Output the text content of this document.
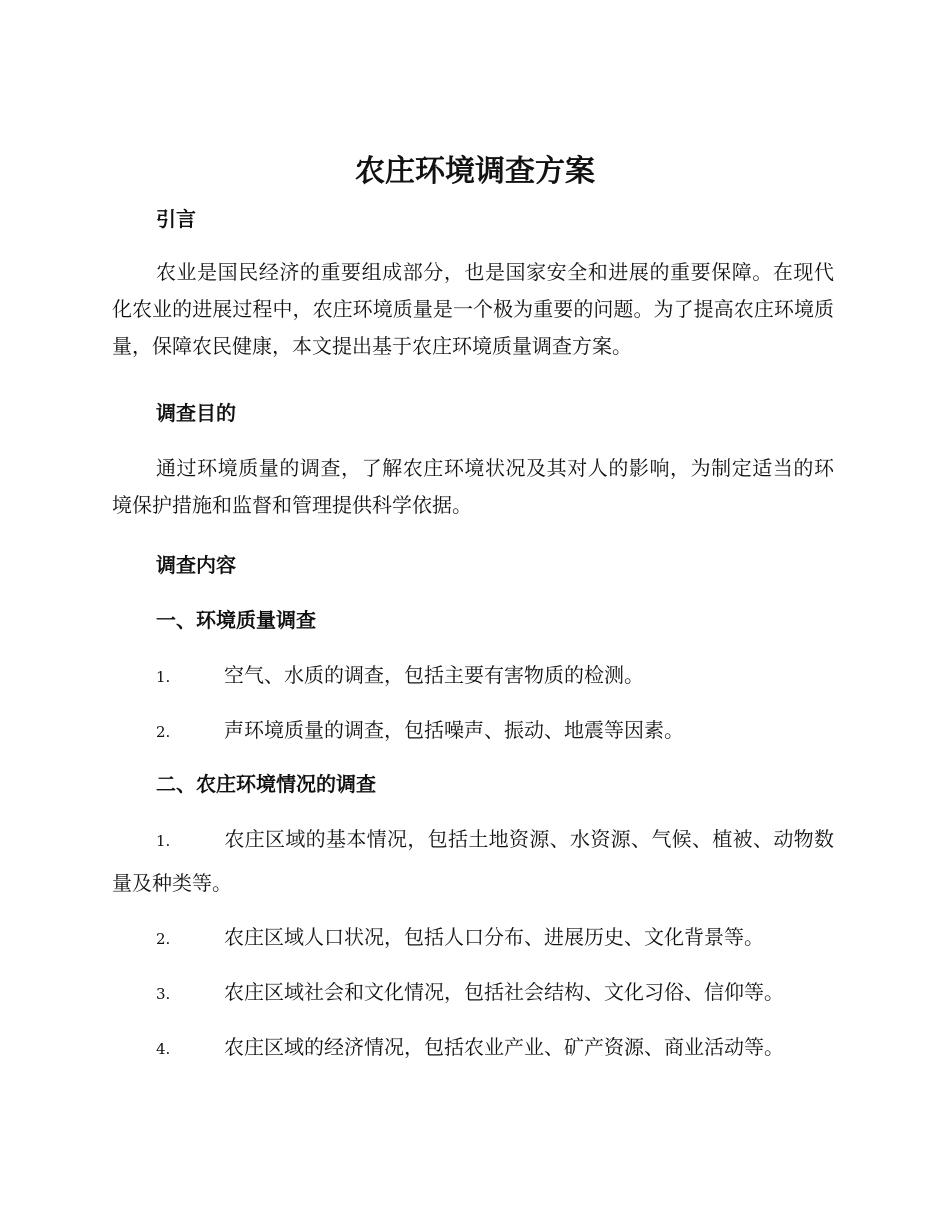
农庄环境调查方案
引言

农业是国民经济的重要组成部分，也是国家安全和进展的重要保障。在现代化农业的进展过程中，农庄环境质量是一个极为重要的问题。为了提高农庄环境质量，保障农民健康，本文提出基于农庄环境质量调查方案。

调查目的

通过环境质量的调查，了解农庄环境状况及其对人的影响，为制定适当的环境保护措施和监督和管理提供科学依据。

调查内容
一、环境质量调查

1.	空气、水质的调查，包括主要有害物质的检测。

2.	声环境质量的调查，包括噪声、振动、地震等因素。

二、农庄环境情况的调查

1.	农庄区域的基本情况，包括土地资源、水资源、气候、植被、动物数量及种类等。

2.	农庄区域人口状况，包括人口分布、进展历史、文化背景等。

3.	农庄区域社会和文化情况，包括社会结构、文化习俗、信仰等。

4.	农庄区域的经济情况，包括农业产业、矿产资源、商业活动等。
